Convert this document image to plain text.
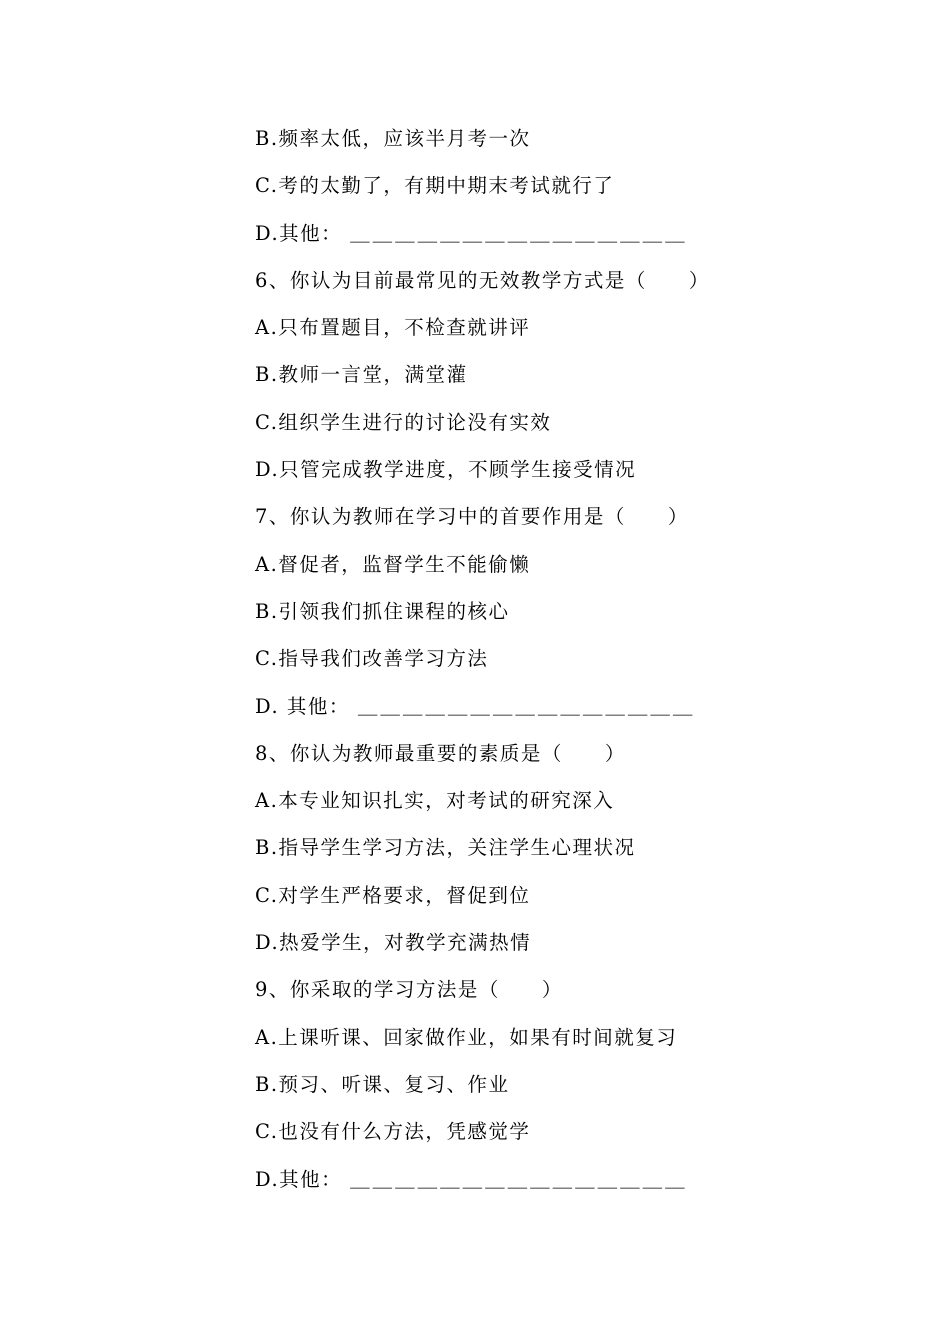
B.频率太低，应该半月考一次
C.考的太勤了，有期中期末考试就行了
D.其他： ＿＿＿＿＿＿＿＿＿＿＿＿＿＿＿
6、你认为目前最常见的无效教学方式是（　　）
A.只布置题目，不检查就讲评
B.教师一言堂，满堂灌
C.组织学生进行的讨论没有实效
D.只管完成教学进度，不顾学生接受情况
7、你认为教师在学习中的首要作用是（　　）
A.督促者，监督学生不能偷懒
B.引领我们抓住课程的核心
C.指导我们改善学习方法
D. 其他： ＿＿＿＿＿＿＿＿＿＿＿＿＿＿＿
8、你认为教师最重要的素质是（　　）
A.本专业知识扎实，对考试的研究深入
B.指导学生学习方法，关注学生心理状况
C.对学生严格要求，督促到位
D.热爱学生，对教学充满热情
9、你采取的学习方法是（　　）
A.上课听课、回家做作业，如果有时间就复习
B.预习、听课、复习、作业
C.也没有什么方法，凭感觉学
D.其他： ＿＿＿＿＿＿＿＿＿＿＿＿＿＿＿
